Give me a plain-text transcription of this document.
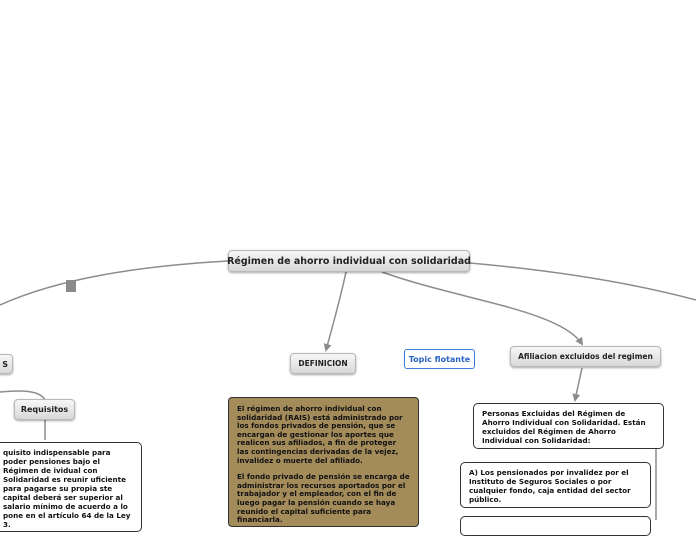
Régimen de ahorro individual con solidaridad
S
Requisitos
quisito indispensable para poder pensiones bajo el Régimen de ividual con Solidaridad es reunir uficiente para pagarse su propia ste capital deberá ser superior al salario mínimo de acuerdo a lo pone en el artículo 64 de la Ley 3.
DEFINICION

El régimen de ahorro individual con solidaridad (RAIS) está administrado por los fondos privados de pensión, que se encargan de gestionar los aportes que realicen sus afiliados, a fin de proteger las contingencias derivadas de la vejez, invalidez o muerte del afiliado.

El fondo privado de pensión se encarga de administrar los recursos aportados por el trabajador y el empleador, con el fin de luego pagar la pensión cuando se haya reunido el capital suficiente para financiarla.

Topic flotante	Afiliacion excluidos del regimen
Personas Excluidas del Régimen de Ahorro Individual con Solidaridad. Están excluidos del Régimen de Ahorro Individual con Solidaridad:
A) Los pensionados por invalidez por el Instituto de Seguros Sociales o por cualquier fondo, caja entidad del sector público.
